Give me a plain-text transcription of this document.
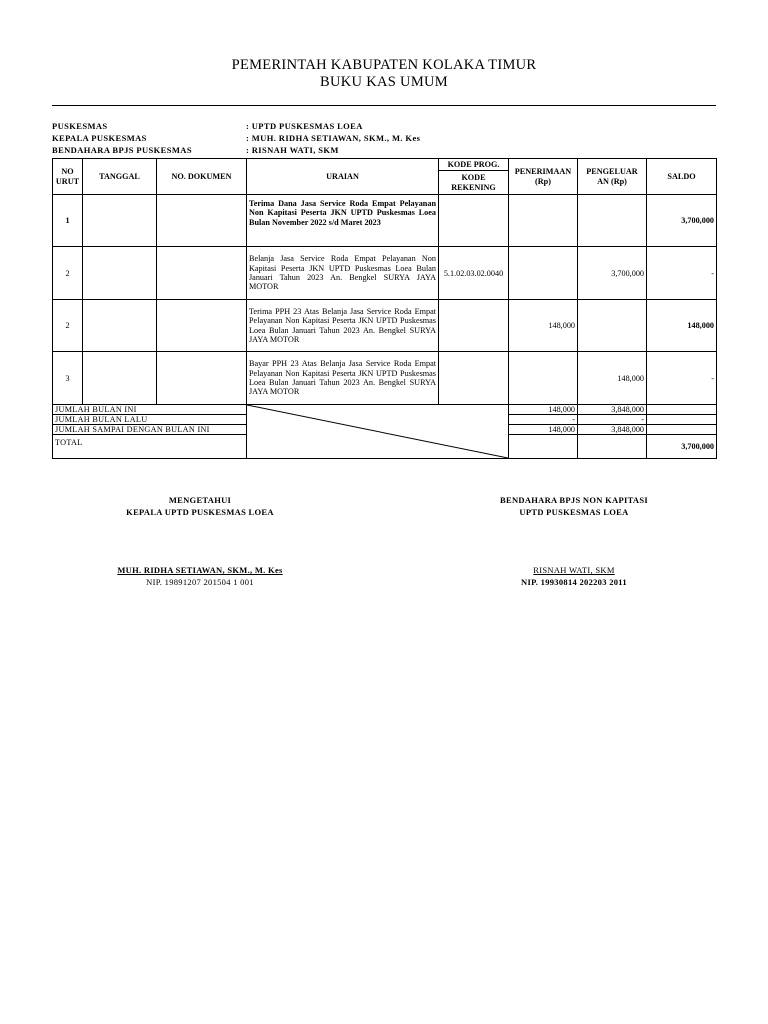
PEMERINTAH KABUPATEN KOLAKA TIMUR
BUKU KAS UMUM
PUSKESMAS	: UPTD PUSKESMAS LOEA
KEPALA PUSKESMAS	: MUH. RIDHA SETIAWAN, SKM., M. Kes
BENDAHARA BPJS PUSKESMAS	: RISNAH WATI, SKM
NO URUT	TANGGAL	NO. DOKUMEN	URAIAN	KODE PROG.	PENERIMAAN (Rp)	PENGELUAR AN (Rp)	SALDO
				KODE REKENING			
1			Terima Dana Jasa Service Roda Empat Pelayanan Non Kapitasi Peserta JKN UPTD Puskesmas Loea Bulan November 2022 s/d Maret 2023				3,700,000
2			Belanja Jasa Service Roda Empat Pelayanan Non Kapitasi Peserta JKN UPTD Puskesmas Loea Bulan Januari Tahun 2023 An. Bengkel SURYA JAYA MOTOR	5.1.02.03.02.0040		3,700,000	-
2			Terima PPH 23 Atas Belanja Jasa Service Roda Empat Pelayanan Non Kapitasi Peserta JKN UPTD Puskesmas Loea Bulan Januari Tahun 2023 An. Bengkel SURYA JAYA MOTOR		148,000		148,000
3			Bayar PPH 23 Atas Belanja Jasa Service Roda Empat Pelayanan Non Kapitasi Peserta JKN UPTD Puskesmas Loea Bulan Januari Tahun 2023 An. Bengkel SURYA JAYA MOTOR			148,000	-
JUMLAH BULAN INI					148,000	3,848,000	
JUMLAH BULAN LALU					-	-	
JUMLAH SAMPAI DENGAN BULAN INI					148,000	3,848,000	
TOTAL							3,700,000
MENGETAHUI
KEPALA UPTD PUSKESMAS LOEA
MUH. RIDHA SETIAWAN, SKM., M. Kes
NIP. 19891207 201504 1 001
BENDAHARA BPJS NON KAPITASI
UPTD PUSKESMAS LOEA
RISNAH WATI, SKM
NIP. 19930814 202203 2011
